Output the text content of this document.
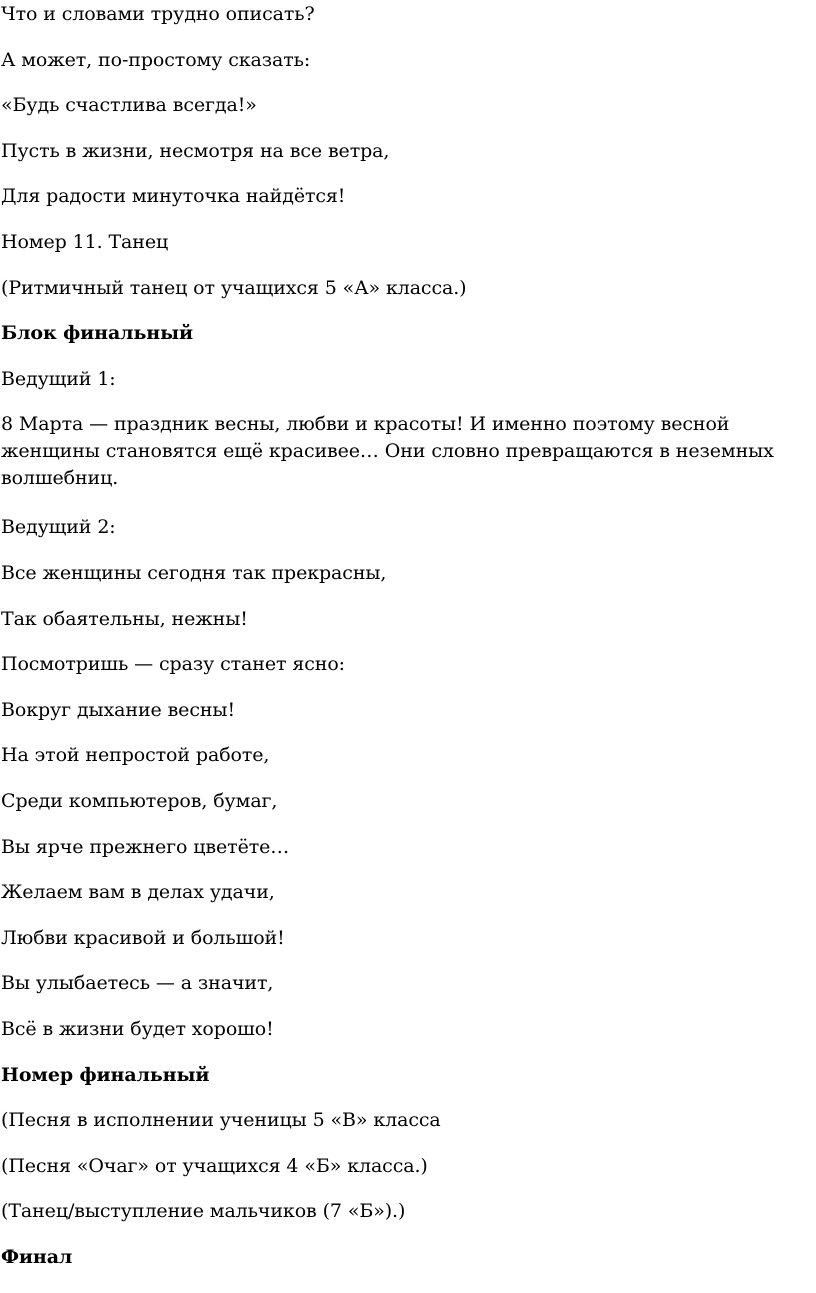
Что и словами трудно описать?

А может, по-простому сказать:

«Будь счастлива всегда!»

Пусть в жизни, несмотря на все ветра,

Для радости минуточка найдётся!

Номер 11. Танец

(Ритмичный танец от учащихся 5 «А» класса.)

Блок финальный

Ведущий 1:

8 Марта — праздник весны, любви и красоты! И именно поэтому весной женщины становятся ещё красивее… Они словно превращаются в неземных волшебниц.

Ведущий 2:

Все женщины сегодня так прекрасны,

Так обаятельны, нежны!

Посмотришь — сразу станет ясно:

Вокруг дыхание весны!

На этой непростой работе,

Среди компьютеров, бумаг,

Вы ярче прежнего цветёте…

Желаем вам в делах удачи,

Любви красивой и большой!

Вы улыбаетесь — а значит,

Всё в жизни будет хорошо!

Номер финальный

(Песня в исполнении ученицы 5 «В» класса

(Песня «Очаг» от учащихся 4 «Б» класса.)

(Танец/выступление мальчиков (7 «Б»).)

Финал
